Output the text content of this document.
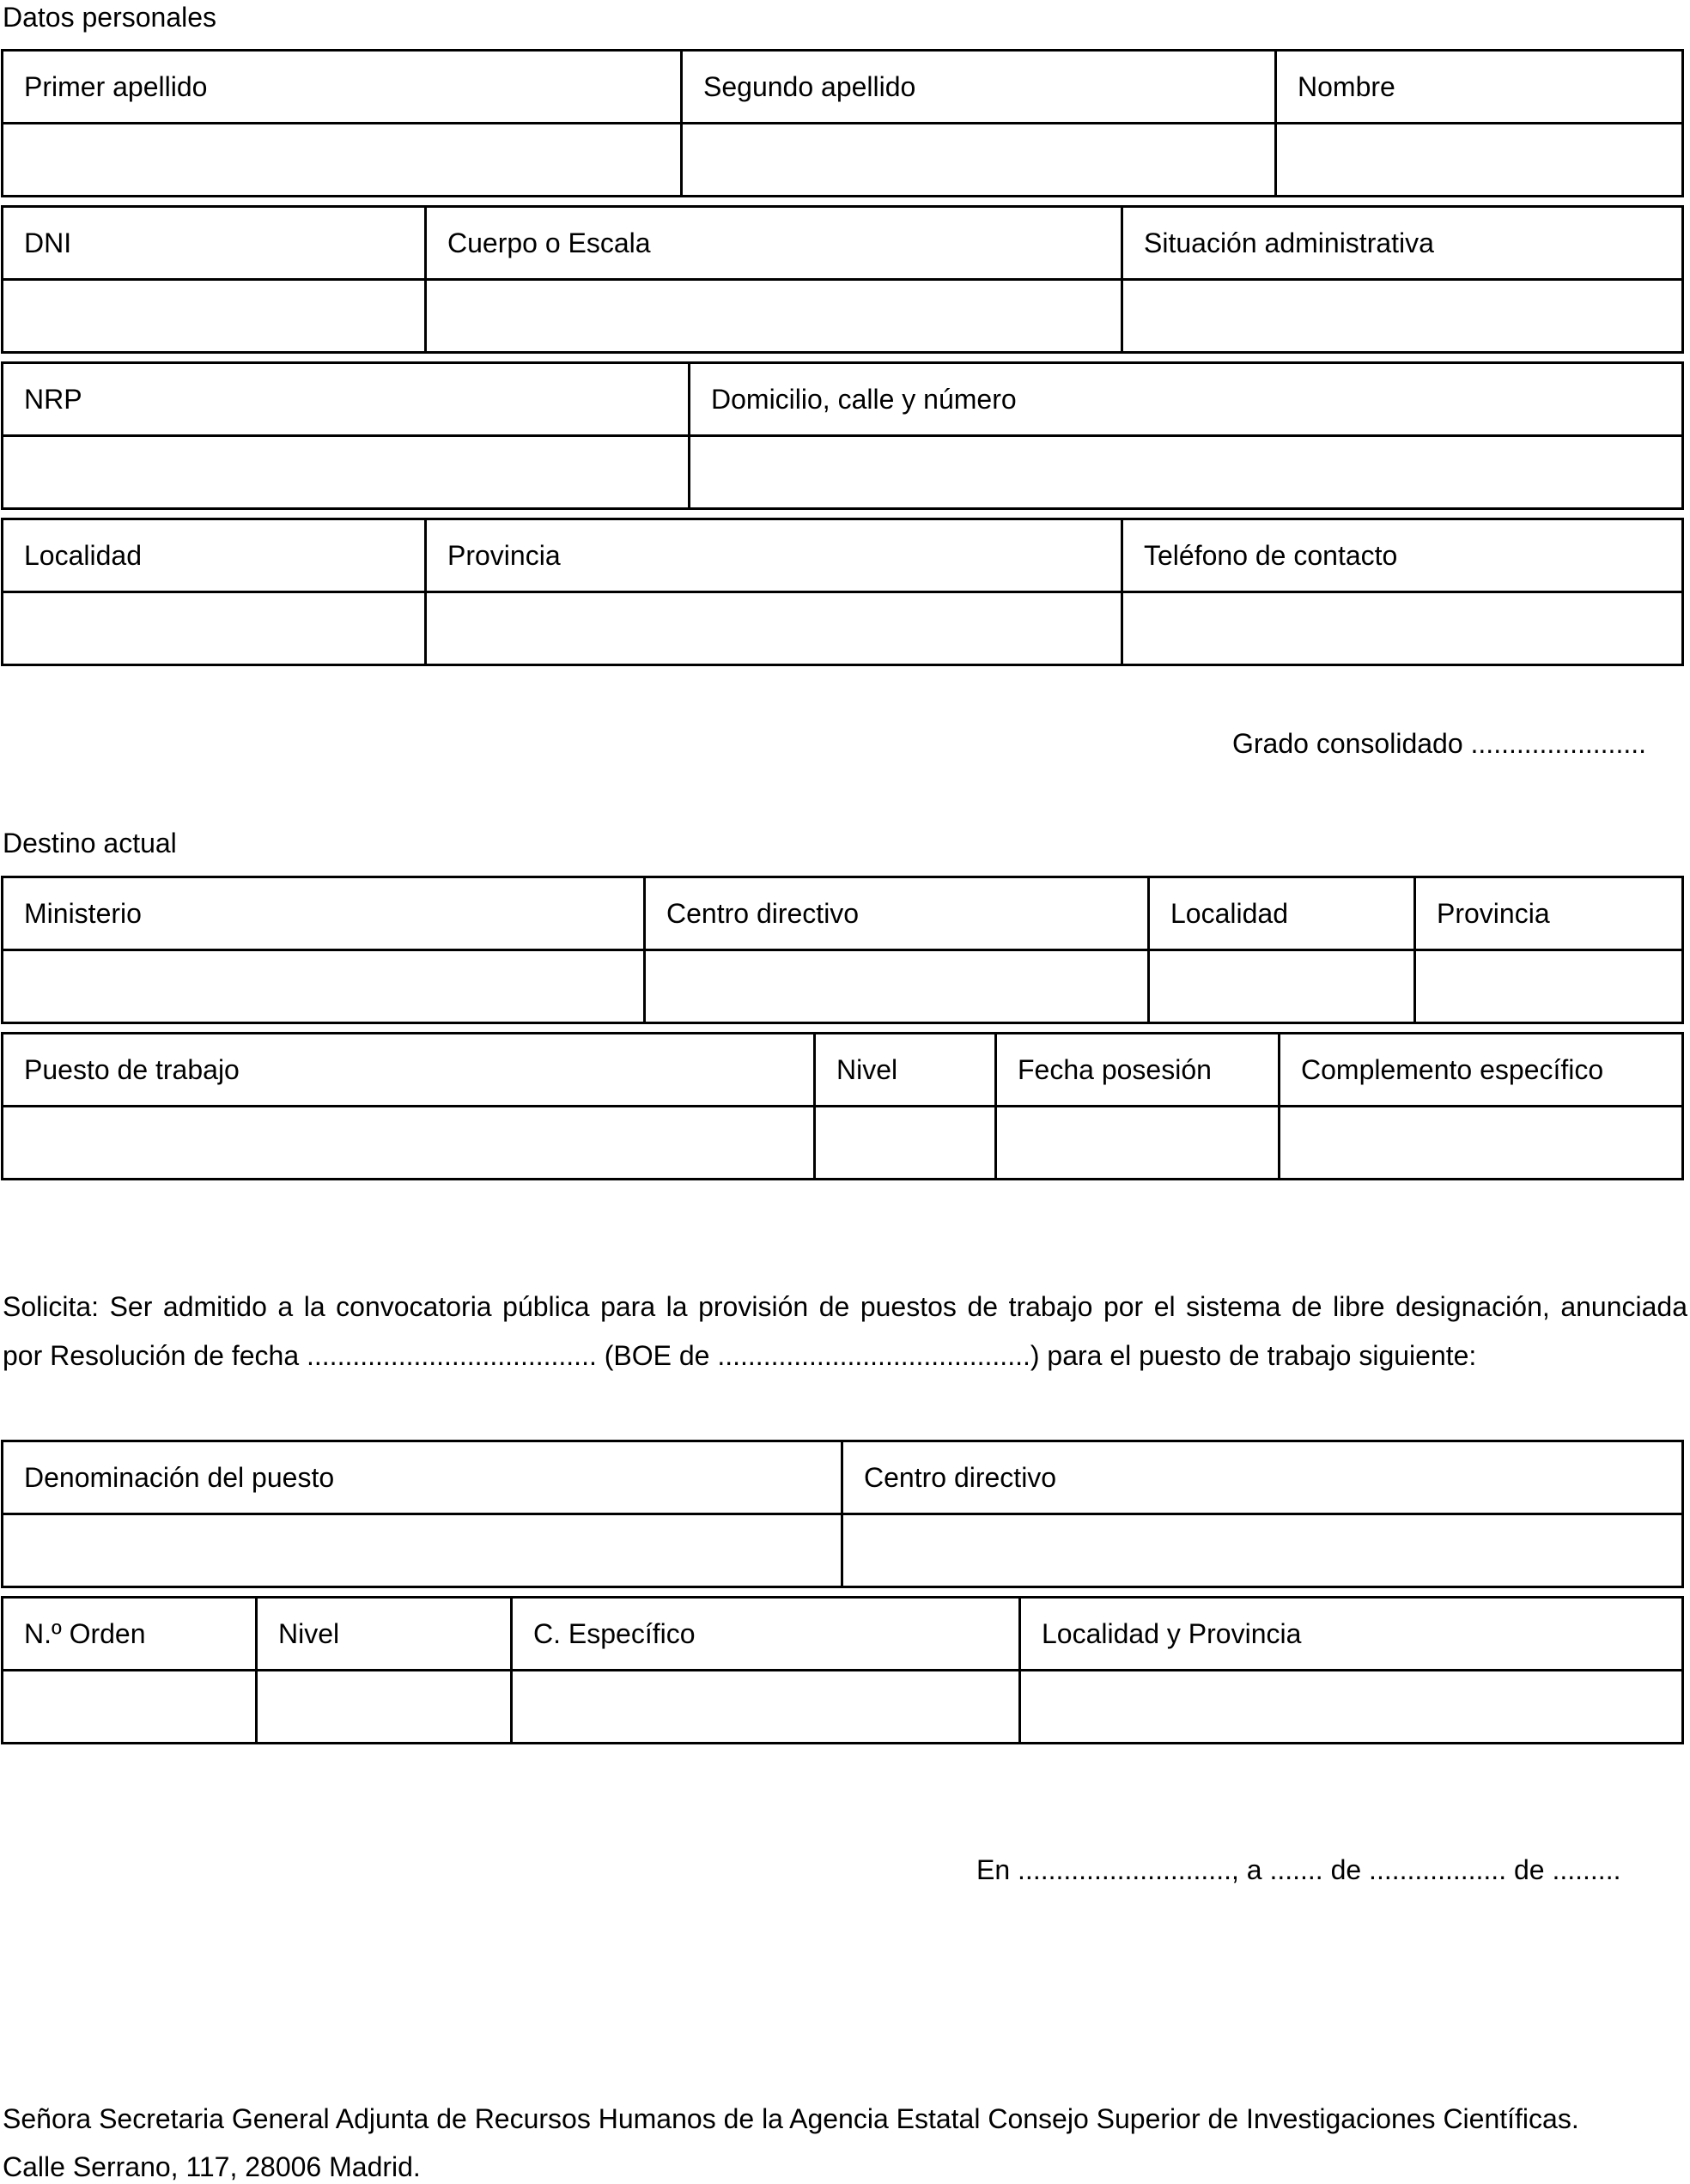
Datos personales
Primer apellido	Segundo apellido	Nombre

DNI	Cuerpo o Escala	Situación administrativa

NRP	Domicilio, calle y número

Localidad	Provincia	Teléfono de contacto

Grado consolidado .......................
Destino actual
Ministerio	Centro directivo	Localidad	Provincia

Puesto de trabajo	Nivel	Fecha posesión	Complemento específico

Solicita: Ser admitido a la convocatoria pública para la provisión de puestos de trabajo por el sistema de libre designación, anunciada
por Resolución de fecha ...................................... (BOE de .........................................) para el puesto de trabajo siguiente:
Denominación del puesto	Centro directivo

N.º Orden	Nivel	C. Específico	Localidad y Provincia

En ............................, a ....... de .................. de .........
Señora Secretaria General Adjunta de Recursos Humanos de la Agencia Estatal Consejo Superior de Investigaciones Científicas.
Calle Serrano, 117, 28006 Madrid.
